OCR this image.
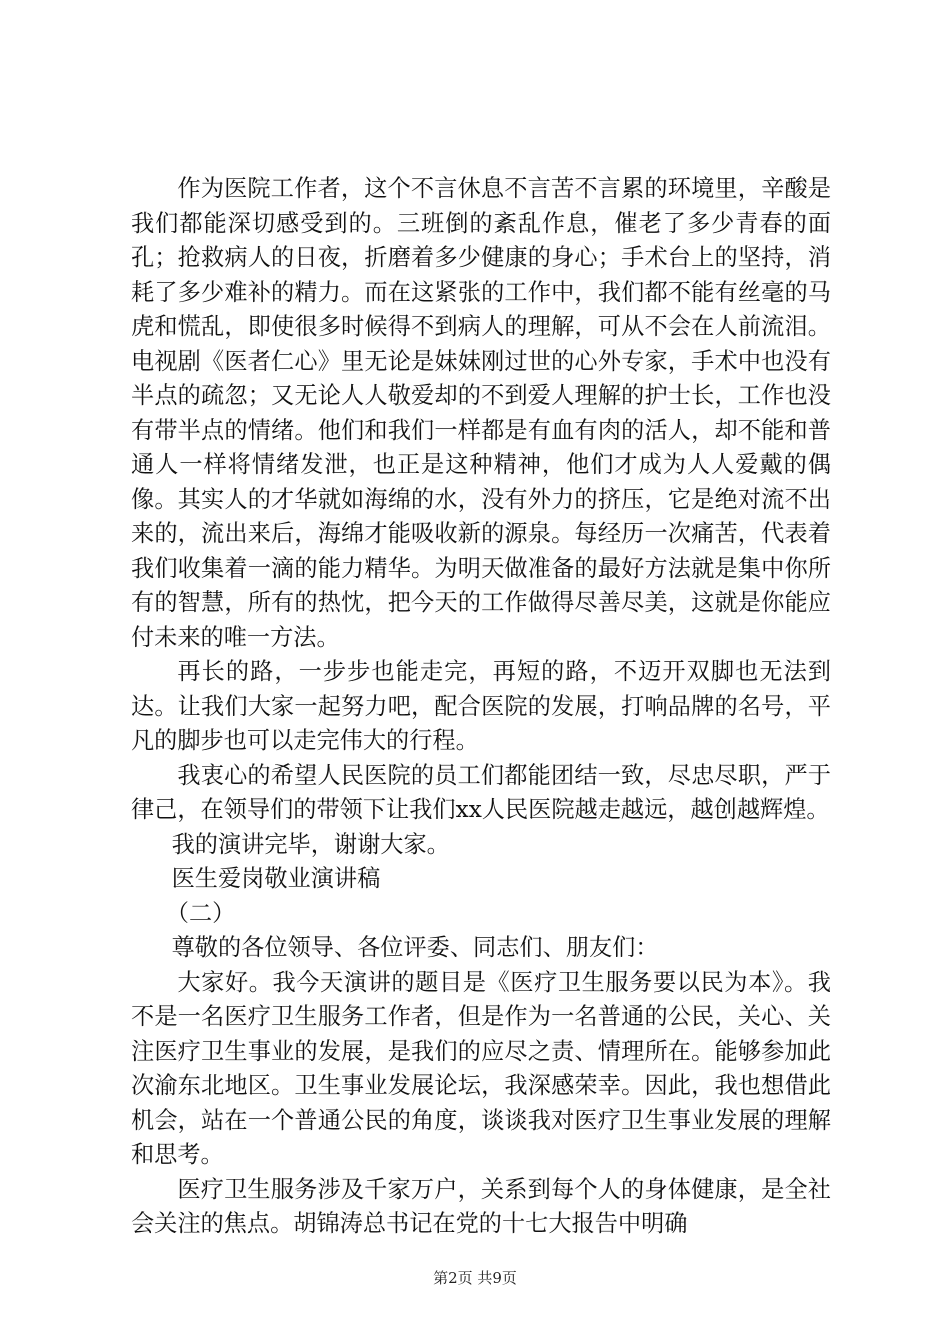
作为医院工作者，这个不言休息不言苦不言累的环境里，辛酸是我们都能深切感受到的。三班倒的紊乱作息，催老了多少青春的面孔；抢救病人的日夜，折磨着多少健康的身心；手术台上的坚持，消耗了多少难补的精力。而在这紧张的工作中，我们都不能有丝毫的马虎和慌乱，即使很多时候得不到病人的理解，可从不会在人前流泪。电视剧《医者仁心》里无论是妹妹刚过世的心外专家，手术中也没有半点的疏忽；又无论人人敬爱却的不到爱人理解的护士长，工作也没有带半点的情绪。他们和我们一样都是有血有肉的活人，却不能和普通人一样将情绪发泄，也正是这种精神，他们才成为人人爱戴的偶像。其实人的才华就如海绵的水，没有外力的挤压，它是绝对流不出来的，流出来后，海绵才能吸收新的源泉。每经历一次痛苦，代表着我们收集着一滴的能力精华。为明天做准备的最好方法就是集中你所有的智慧，所有的热忱，把今天的工作做得尽善尽美，这就是你能应付未来的唯一方法。

再长的路，一步步也能走完，再短的路，不迈开双脚也无法到达。让我们大家一起努力吧，配合医院的发展，打响品牌的名号，平凡的脚步也可以走完伟大的行程。

我衷心的希望人民医院的员工们都能团结一致，尽忠尽职，严于律己，在领导们的带领下让我们xx人民医院越走越远，越创越辉煌。

我的演讲完毕，谢谢大家。

医生爱岗敬业演讲稿

（二）

尊敬的各位领导、各位评委、同志们、朋友们：

大家好。我今天演讲的题目是《医疗卫生服务要以民为本》。我不是一名医疗卫生服务工作者，但是作为一名普通的公民，关心、关注医疗卫生事业的发展，是我们的应尽之责、情理所在。能够参加此次渝东北地区。卫生事业发展论坛，我深感荣幸。因此，我也想借此机会，站在一个普通公民的角度，谈谈我对医疗卫生事业发展的理解和思考。

医疗卫生服务涉及千家万户，关系到每个人的身体健康，是全社会关注的焦点。胡锦涛总书记在党的十七大报告中明确

第2页 共9页
